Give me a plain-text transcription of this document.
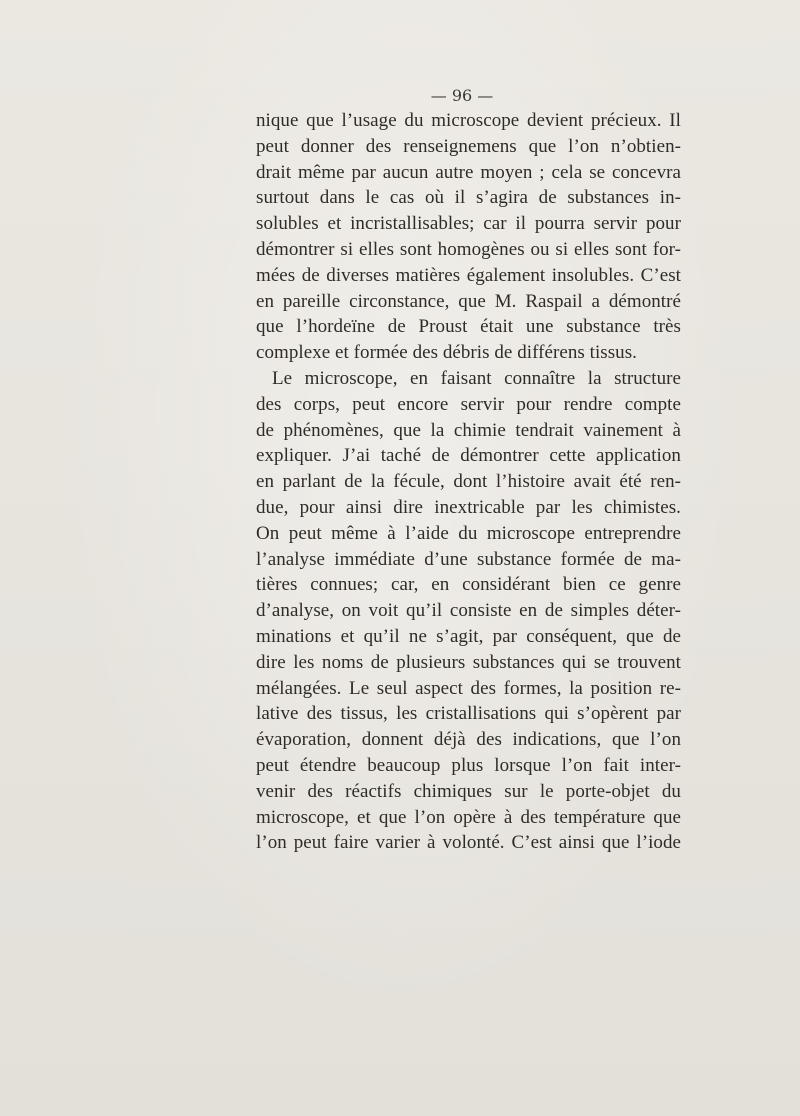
— 96 —
nique que l’usage du microscope devient précieux. Il
peut donner des renseignemens que l’on n’obtien-
drait même par aucun autre moyen ; cela se concevra
surtout dans le cas où il s’agira de substances in-
solubles et incristallisables; car il pourra servir pour
démontrer si elles sont homogènes ou si elles sont for-
mées de diverses matières également insolubles. C’est
en pareille circonstance, que M. Raspail a démontré
que l’hordeïne de Proust était une substance très
complexe et formée des débris de différens tissus.
Le microscope, en faisant connaître la structure
des corps, peut encore servir pour rendre compte
de phénomènes, que la chimie tendrait vainement à
expliquer. J’ai taché de démontrer cette application
en parlant de la fécule, dont l’histoire avait été ren-
due, pour ainsi dire inextricable par les chimistes.
On peut même à l’aide du microscope entreprendre
l’analyse immédiate d’une substance formée de ma-
tières connues; car, en considérant bien ce genre
d’analyse, on voit qu’il consiste en de simples déter-
minations et qu’il ne s’agit, par conséquent, que de
dire les noms de plusieurs substances qui se trouvent
mélangées. Le seul aspect des formes, la position re-
lative des tissus, les cristallisations qui s’opèrent par
évaporation, donnent déjà des indications, que l’on
peut étendre beaucoup plus lorsque l’on fait inter-
venir des réactifs chimiques sur le porte-objet du
microscope, et que l’on opère à des température que
l’on peut faire varier à volonté. C’est ainsi que l’iode
